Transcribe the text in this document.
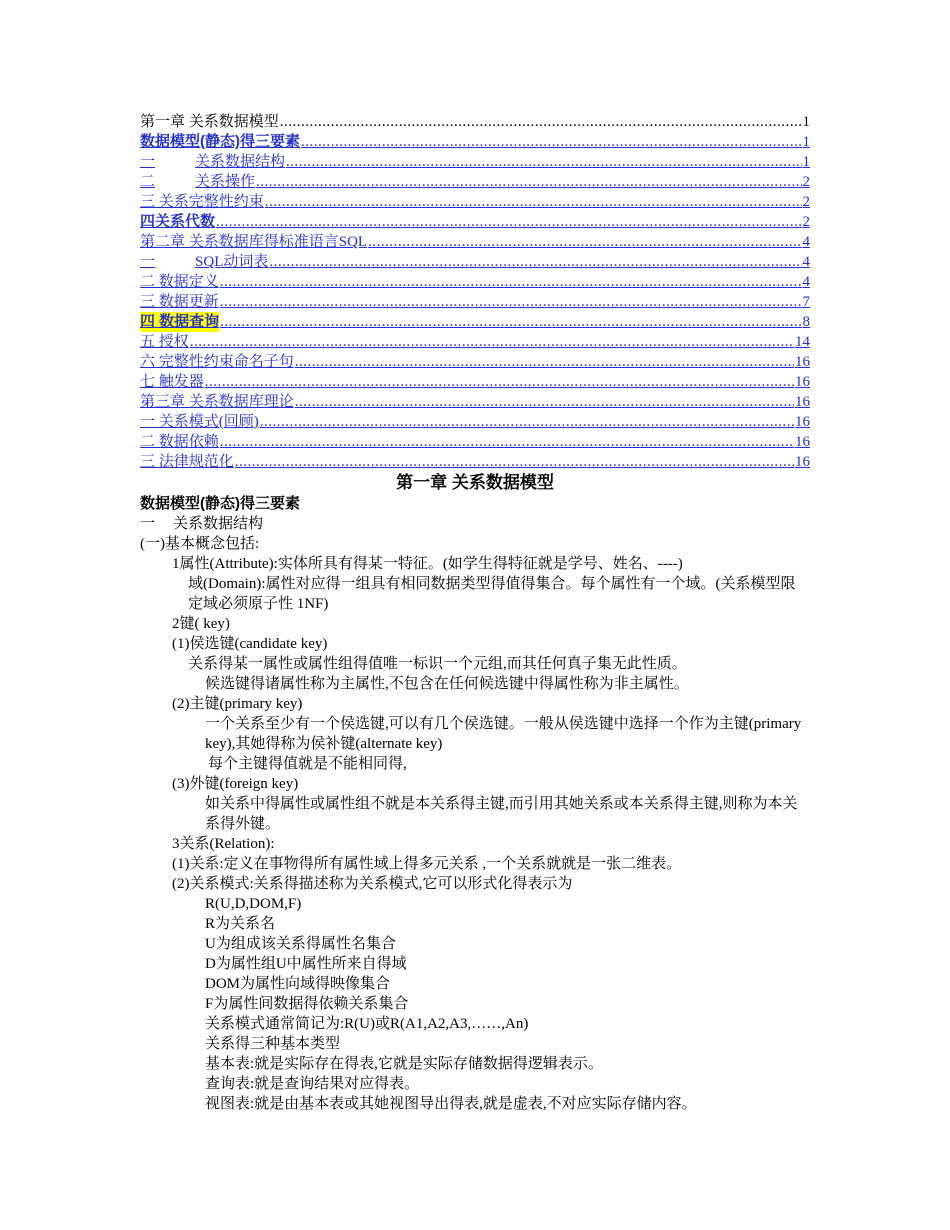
第一章 关系数据模型 .....	1
数据模型(静态)得三要素 .....	1
一	关系数据结构 .....	1
二	关系操作 .....	2
三 关系完整性约束 .....	2
四关系代数 .....	2
第二章 关系数据库得标准语言SQL .....	4
一	SQL动词表 .....	4
二 数据定义 .....	4
三 数据更新 .....	7
四 数据查询 .....	8
五 授权 .....	14
六 完整性约束命名子句 .....	16
七 触发器 .....	16
第三章 关系数据库理论 .....	16
一 关系模式(回顾) .....	16
二 数据依赖 .....	16
三 法律规范化 .....	16
第一章 关系数据模型
数据模型(静态)得三要素
一 关系数据结构
(一)基本概念包括:
1属性(Attribute):实体所具有得某一特征。(如学生得特征就是学号、姓名、----)
域(Domain):属性对应得一组具有相同数据类型得值得集合。每个属性有一个域。(关系模型限定域必须原子性 1NF)
2键( key)
(1)侯选键(candidate key)
关系得某一属性或属性组得值唯一标识一个元组,而其任何真子集无此性质。
候选键得诸属性称为主属性,不包含在任何候选键中得属性称为非主属性。
(2)主键(primary key)
一个关系至少有一个侯选键,可以有几个侯选键。一般从侯选键中选择一个作为主键(primary key),其她得称为侯补键(alternate key)
每个主键得值就是不能相同得,
(3)外键(foreign key)
如关系中得属性或属性组不就是本关系得主键,而引用其她关系或本关系得主键,则称为本关系得外键。
3关系(Relation):
(1)关系:定义在事物得所有属性域上得多元关系 ,一个关系就就是一张二维表。
(2)关系模式:关系得描述称为关系模式,它可以形式化得表示为
R(U,D,DOM,F)
R为关系名
U为组成该关系得属性名集合
D为属性组U中属性所来自得域
DOM为属性向域得映像集合
F为属性间数据得依赖关系集合
关系模式通常简记为:R(U)或R(A1,A2,A3,……,An)
关系得三种基本类型
基本表:就是实际存在得表,它就是实际存储数据得逻辑表示。
查询表:就是查询结果对应得表。
视图表:就是由基本表或其她视图导出得表,就是虚表,不对应实际存储内容。
